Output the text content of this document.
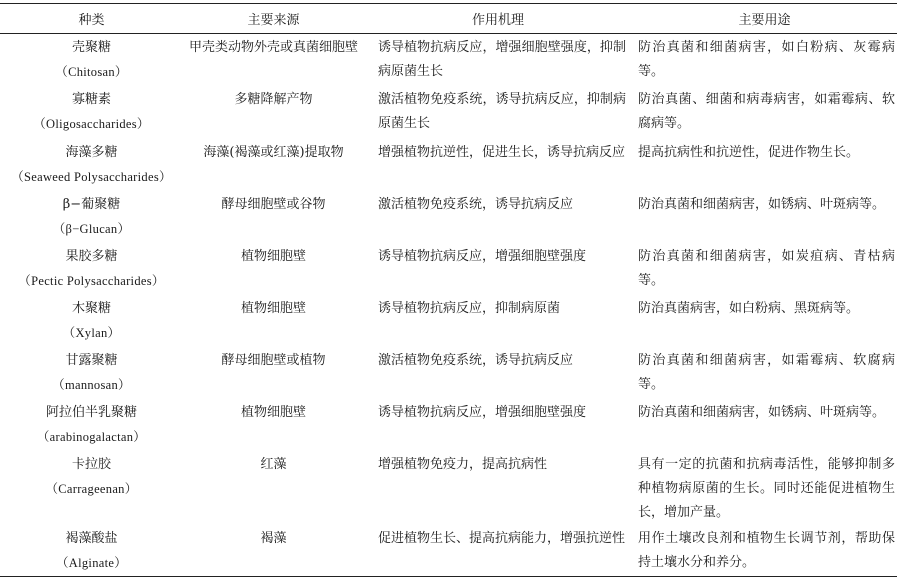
种类	主要来源	作用机理	主要用途

壳聚糖
（Chitosan）	甲壳类动物外壳或真菌细胞壁	诱导植物抗病反应，增强细胞壁强度，抑制病原菌生长	防治真菌和细菌病害，如白粉病、灰霉病等。

寡糖素
（Oligosaccharides）	多糖降解产物	激活植物免疫系统，诱导抗病反应，抑制病原菌生长	防治真菌、细菌和病毒病害，如霜霉病、软腐病等。

海藻多糖
（Seaweed Polysaccharides）	海藻(褐藻或红藻)提取物	增强植物抗逆性，促进生长，诱导抗病反应	提高抗病性和抗逆性，促进作物生长。

β−葡聚糖
（β−Glucan）	酵母细胞壁或谷物	激活植物免疫系统，诱导抗病反应	防治真菌和细菌病害，如锈病、叶斑病等。

果胶多糖
（Pectic Polysaccharides）	植物细胞壁	诱导植物抗病反应，增强细胞壁强度	防治真菌和细菌病害，如炭疽病、青枯病等。

木聚糖
（Xylan）	植物细胞壁	诱导植物抗病反应，抑制病原菌	防治真菌病害，如白粉病、黑斑病等。

甘露聚糖
（mannosan）	酵母细胞壁或植物	激活植物免疫系统，诱导抗病反应	防治真菌和细菌病害，如霜霉病、软腐病等。

阿拉伯半乳聚糖
（arabinogalactan）	植物细胞壁	诱导植物抗病反应，增强细胞壁强度	防治真菌和细菌病害，如锈病、叶斑病等。

卡拉胶
（Carrageenan）	红藻	增强植物免疫力，提高抗病性	具有一定的抗菌和抗病毒活性，能够抑制多种植物病原菌的生长。同时还能促进植物生长，增加产量。

褐藻酸盐
（Alginate）	褐藻	促进植物生长、提高抗病能力，增强抗逆性	用作土壤改良剂和植物生长调节剂，帮助保持土壤水分和养分。
